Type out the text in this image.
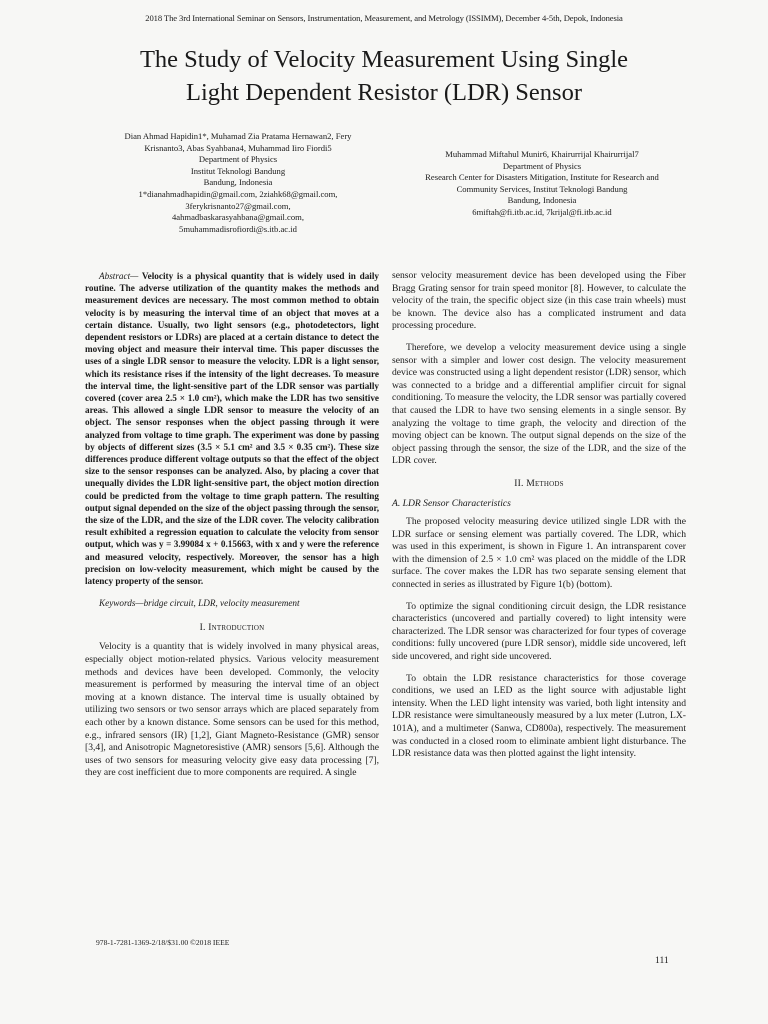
2018 The 3rd International Seminar on Sensors, Instrumentation, Measurement, and Metrology (ISSIMM), December 4-5th, Depok, Indonesia
The Study of Velocity Measurement Using Single
Light Dependent Resistor (LDR) Sensor
Dian Ahmad Hapidin1*, Muhamad Zia Pratama Hernawan2, Fery
Krisnanto3, Abas Syahbana4, Muhammad Iiro Fiordi5
Department of Physics
Institut Teknologi Bandung
Bandung, Indonesia
1*dianahmadhapidin@gmail.com, 2ziahk68@gmail.com,
3ferykrisnanto27@gmail.com,
4ahmadbaskarasyahbana@gmail.com,
5muhammadisrofiordi@s.itb.ac.id
Muhammad Miftahul Munir6, Khairurrijal Khairurrijal7
Department of Physics
Research Center for Disasters Mitigation, Institute for Research and
Community Services, Institut Teknologi Bandung
Bandung, Indonesia
6miftah@fi.itb.ac.id, 7krijal@fi.itb.ac.id

Abstract— Velocity is a physical quantity that is widely used in daily routine. The adverse utilization of the quantity makes the methods and measurement devices are necessary. The most common method to obtain velocity is by measuring the interval time of an object that moves at a certain distance. Usually, two light sensors (e.g., photodetectors, light dependent resistors or LDRs) are placed at a certain distance to detect the moving object and measure their interval time. This paper discusses the uses of a single LDR sensor to measure the velocity. LDR is a light sensor, which its resistance rises if the intensity of the light decreases. To measure the interval time, the light-sensitive part of the LDR sensor was partially covered (cover area 2.5 × 1.0 cm²), which make the LDR has two sensitive areas. This allowed a single LDR sensor to measure the velocity of an object. The sensor responses when the object passing through it were analyzed from voltage to time graph. The experiment was done by passing by objects of different sizes (3.5 × 5.1 cm² and 3.5 × 0.35 cm²). These size differences produce different voltage outputs so that the effect of the object size to the sensor responses can be analyzed. Also, by placing a cover that unequally divides the LDR light-sensitive part, the object motion direction could be predicted from the voltage to time graph pattern. The resulting output signal depended on the size of the object passing through the sensor, the size of the LDR, and the size of the LDR cover. The velocity calibration result exhibited a regression equation to calculate the velocity from sensor output, which was y = 3.99084 x + 0.15663, with x and y were the reference and measured velocity, respectively. Moreover, the sensor has a high precision on low-velocity measurement, which might be caused by the latency property of the sensor.

Keywords—bridge circuit, LDR, velocity measurement

I. Introduction

Velocity is a quantity that is widely involved in many physical areas, especially object motion-related physics. Various velocity measurement methods and devices have been developed. Commonly, the velocity measurement is performed by measuring the interval time of an object moving at a known distance. The interval time is usually obtained by utilizing two sensors or two sensor arrays which are placed separately from each other by a known distance. Some sensors can be used for this method, e.g., infrared sensors (IR) [1,2], Giant Magneto-Resistance (GMR) sensor [3,4], and Anisotropic Magnetoresistive (AMR) sensors [5,6]. Although the uses of two sensors for measuring velocity give easy data processing [7], they are cost inefficient due to more components are required. A single

sensor velocity measurement device has been developed using the Fiber Bragg Grating sensor for train speed monitor [8]. However, to calculate the velocity of the train, the specific object size (in this case train wheels) must be known. The device also has a complicated instrument and data processing procedure.

Therefore, we develop a velocity measurement device using a single sensor with a simpler and lower cost design. The velocity measurement device was constructed using a light dependent resistor (LDR) sensor, which was connected to a bridge and a differential amplifier circuit for signal conditioning. To measure the velocity, the LDR sensor was partially covered that caused the LDR to have two sensing elements in a single sensor. By analyzing the voltage to time graph, the velocity and direction of the moving object can be known. The output signal depends on the size of the object passing through the sensor, the size of the LDR, and the size of the LDR cover.

II. Methods
A. LDR Sensor Characteristics

The proposed velocity measuring device utilized single LDR with the LDR surface or sensing element was partially covered. The LDR, which was used in this experiment, is shown in Figure 1. An intransparent cover with the dimension of 2.5 × 1.0 cm² was placed on the middle of the LDR surface. The cover makes the LDR has two separate sensing element that connected in series as illustrated by Figure 1(b) (bottom).

To optimize the signal conditioning circuit design, the LDR resistance characteristics (uncovered and partially covered) to light intensity were characterized. The LDR sensor was characterized for four types of coverage conditions: fully uncovered (pure LDR sensor), middle side uncovered, left side uncovered, and right side uncovered.

To obtain the LDR resistance characteristics for those coverage conditions, we used an LED as the light source with adjustable light intensity. When the LED light intensity was varied, both light intensity and LDR resistance were simultaneously measured by a lux meter (Lutron, LX-101A), and a multimeter (Sanwa, CD800a), respectively. The measurement was conducted in a closed room to eliminate ambient light disturbance. The LDR resistance data was then plotted against the light intensity.

978-1-7281-1369-2/18/$31.00 ©2018 IEEE
111
